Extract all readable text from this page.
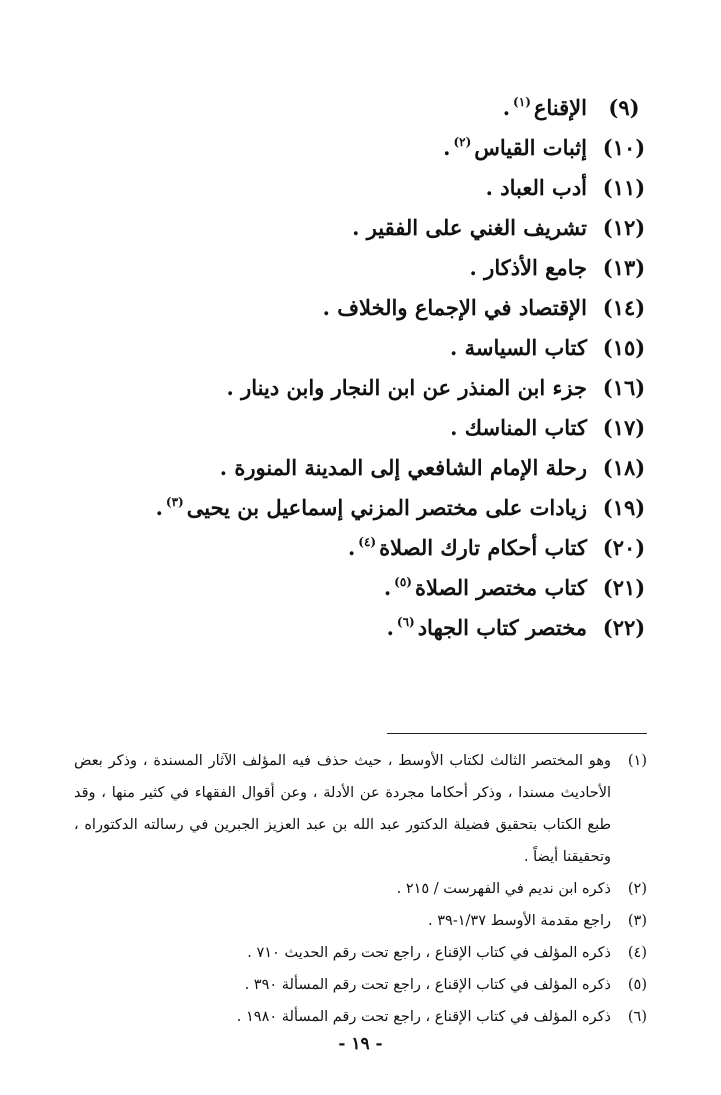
(٩)الإقناع$^{(١)}$.
(١٠)إثبات القياس$^{(٢)}$.
(١١)أدب العباد .
(١٢)تشريف الغني على الفقير .
(١٣)جامع الأذكار .
(١٤)الإقتصاد في الإجماع والخلاف .
(١٥)كتاب السياسة .
(١٦)جزء ابن المنذر عن ابن النجار وابن دينار .
(١٧)كتاب المناسك .
(١٨)رحلة الإمام الشافعي إلى المدينة المنورة .
(١٩)زيادات على مختصر المزني إسماعيل بن يحيى$^{(٣)}$.
(٢٠)كتاب أحكام تارك الصلاة$^{(٤)}$.
(٢١)كتاب مختصر الصلاة$^{(٥)}$.
(٢٢)مختصر كتاب الجهاد$^{(٦)}$.
(١)
وهو المختصر الثالث لكتاب الأوسط ، حيث حذف فيه المؤلف الآثار المسندة ، وذكر بعض الأحاديث مسندا ، وذكر أحكاما مجردة عن الأدلة ، وعن أقوال الفقهاء في كثير منها ، وقد طبع الكتاب بتحقيق فضيلة الدكتور عبد الله بن عبد العزيز الجبرين في رسالته الدكتوراه ، وتحقيقنا أيضاً .
(٢)
ذكره ابن نديم في الفهرست / ٢١٥ .
(٣)
راجع مقدمة الأوسط ١/٣٧-٣٩ .
(٤)
ذكره المؤلف في كتاب الإقناع ، راجع تحت رقم الحديث ٧١٠ .
(٥)
ذكره المؤلف في كتاب الإقناع ، راجع تحت رقم المسألة ٣٩٠ .
(٦)
ذكره المؤلف في كتاب الإقناع ، راجع تحت رقم المسألة ١٩٨٠ .
- ١٩ -
